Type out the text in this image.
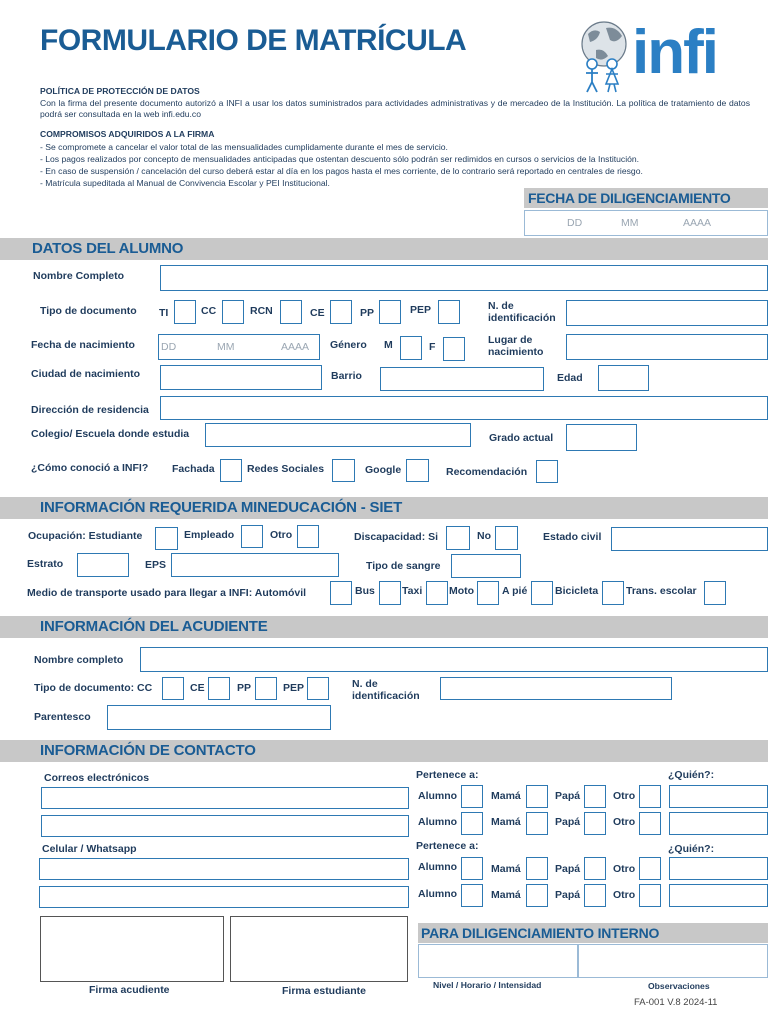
FORMULARIO DE MATRÍCULA	infi
POLÍTICA DE PROTECCIÓN DE DATOS
Con la firma del presente documento autorizó a INFI a usar los datos suministrados para actividades administrativas y de mercadeo de la Institución. La política de tratamiento de datos podrá ser consultada en la web infi.edu.co
COMPROMISOS ADQUIRIDOS A LA FIRMA
- Se compromete a cancelar el valor total de las mensualidades cumplidamente durante el mes de servicio.
- Los pagos realizados por concepto de mensualidades anticipadas que ostentan descuento sólo podrán ser redimidos en cursos o servicios de la Institución.
- En caso de suspensión / cancelación del curso deberá estar al día en los pagos hasta el mes corriente, de lo contrario será reportado en centrales de riesgo.
- Matrícula supeditada al Manual de Convivencia Escolar y PEI Institucional.
FECHA DE DILIGENCIAMIENTO
DD	MM	AAAA
DATOS DEL ALUMNO
Nombre Completo
Tipo de documento TI	CC	RCN	CE	PP	PEP	N. de identificación
Fecha de nacimiento DD	MM	AAAA Género M	F
Lugar de nacimiento
Ciudad de nacimiento	Barrio	Edad
Dirección de residencia
Colegio/ Escuela donde estudia	Grado actual
¿Cómo conoció a INFI? Fachada	Redes Sociales	Google	Recomendación
INFORMACIÓN REQUERIDA MINEDUCACIÓN - SIET
Ocupación: Estudiante	Empleado	Otro	Discapacidad: Si	No	Estado civil
Estrato	EPS	Tipo de sangre
Medio de transporte usado para llegar a INFI: Automóvil	Bus	Taxi	Moto	A pié	Bicicleta	Trans. escolar
INFORMACIÓN DEL ACUDIENTE
Nombre completo
Tipo de documento: CC	CE	PP	PEP	N. de identificación
Parentesco
INFORMACIÓN DE CONTACTO
Correos electrónicos
Celular / Whatsapp
Pertenece a:	¿Quién?:
Pertenece a:	¿Quién?:
Alumno	Mamá	Papá	Otro
Alumno	Mamá	Papá	Otro
Alumno	Mamá	Papá	Otro
Alumno	Mamá	Papá	Otro
Firma acudiente	Firma estudiante
PARA DILIGENCIAMIENTO INTERNO
Nivel / Horario / Intensidad	Observaciones
FA-001 V.8 2024-11
